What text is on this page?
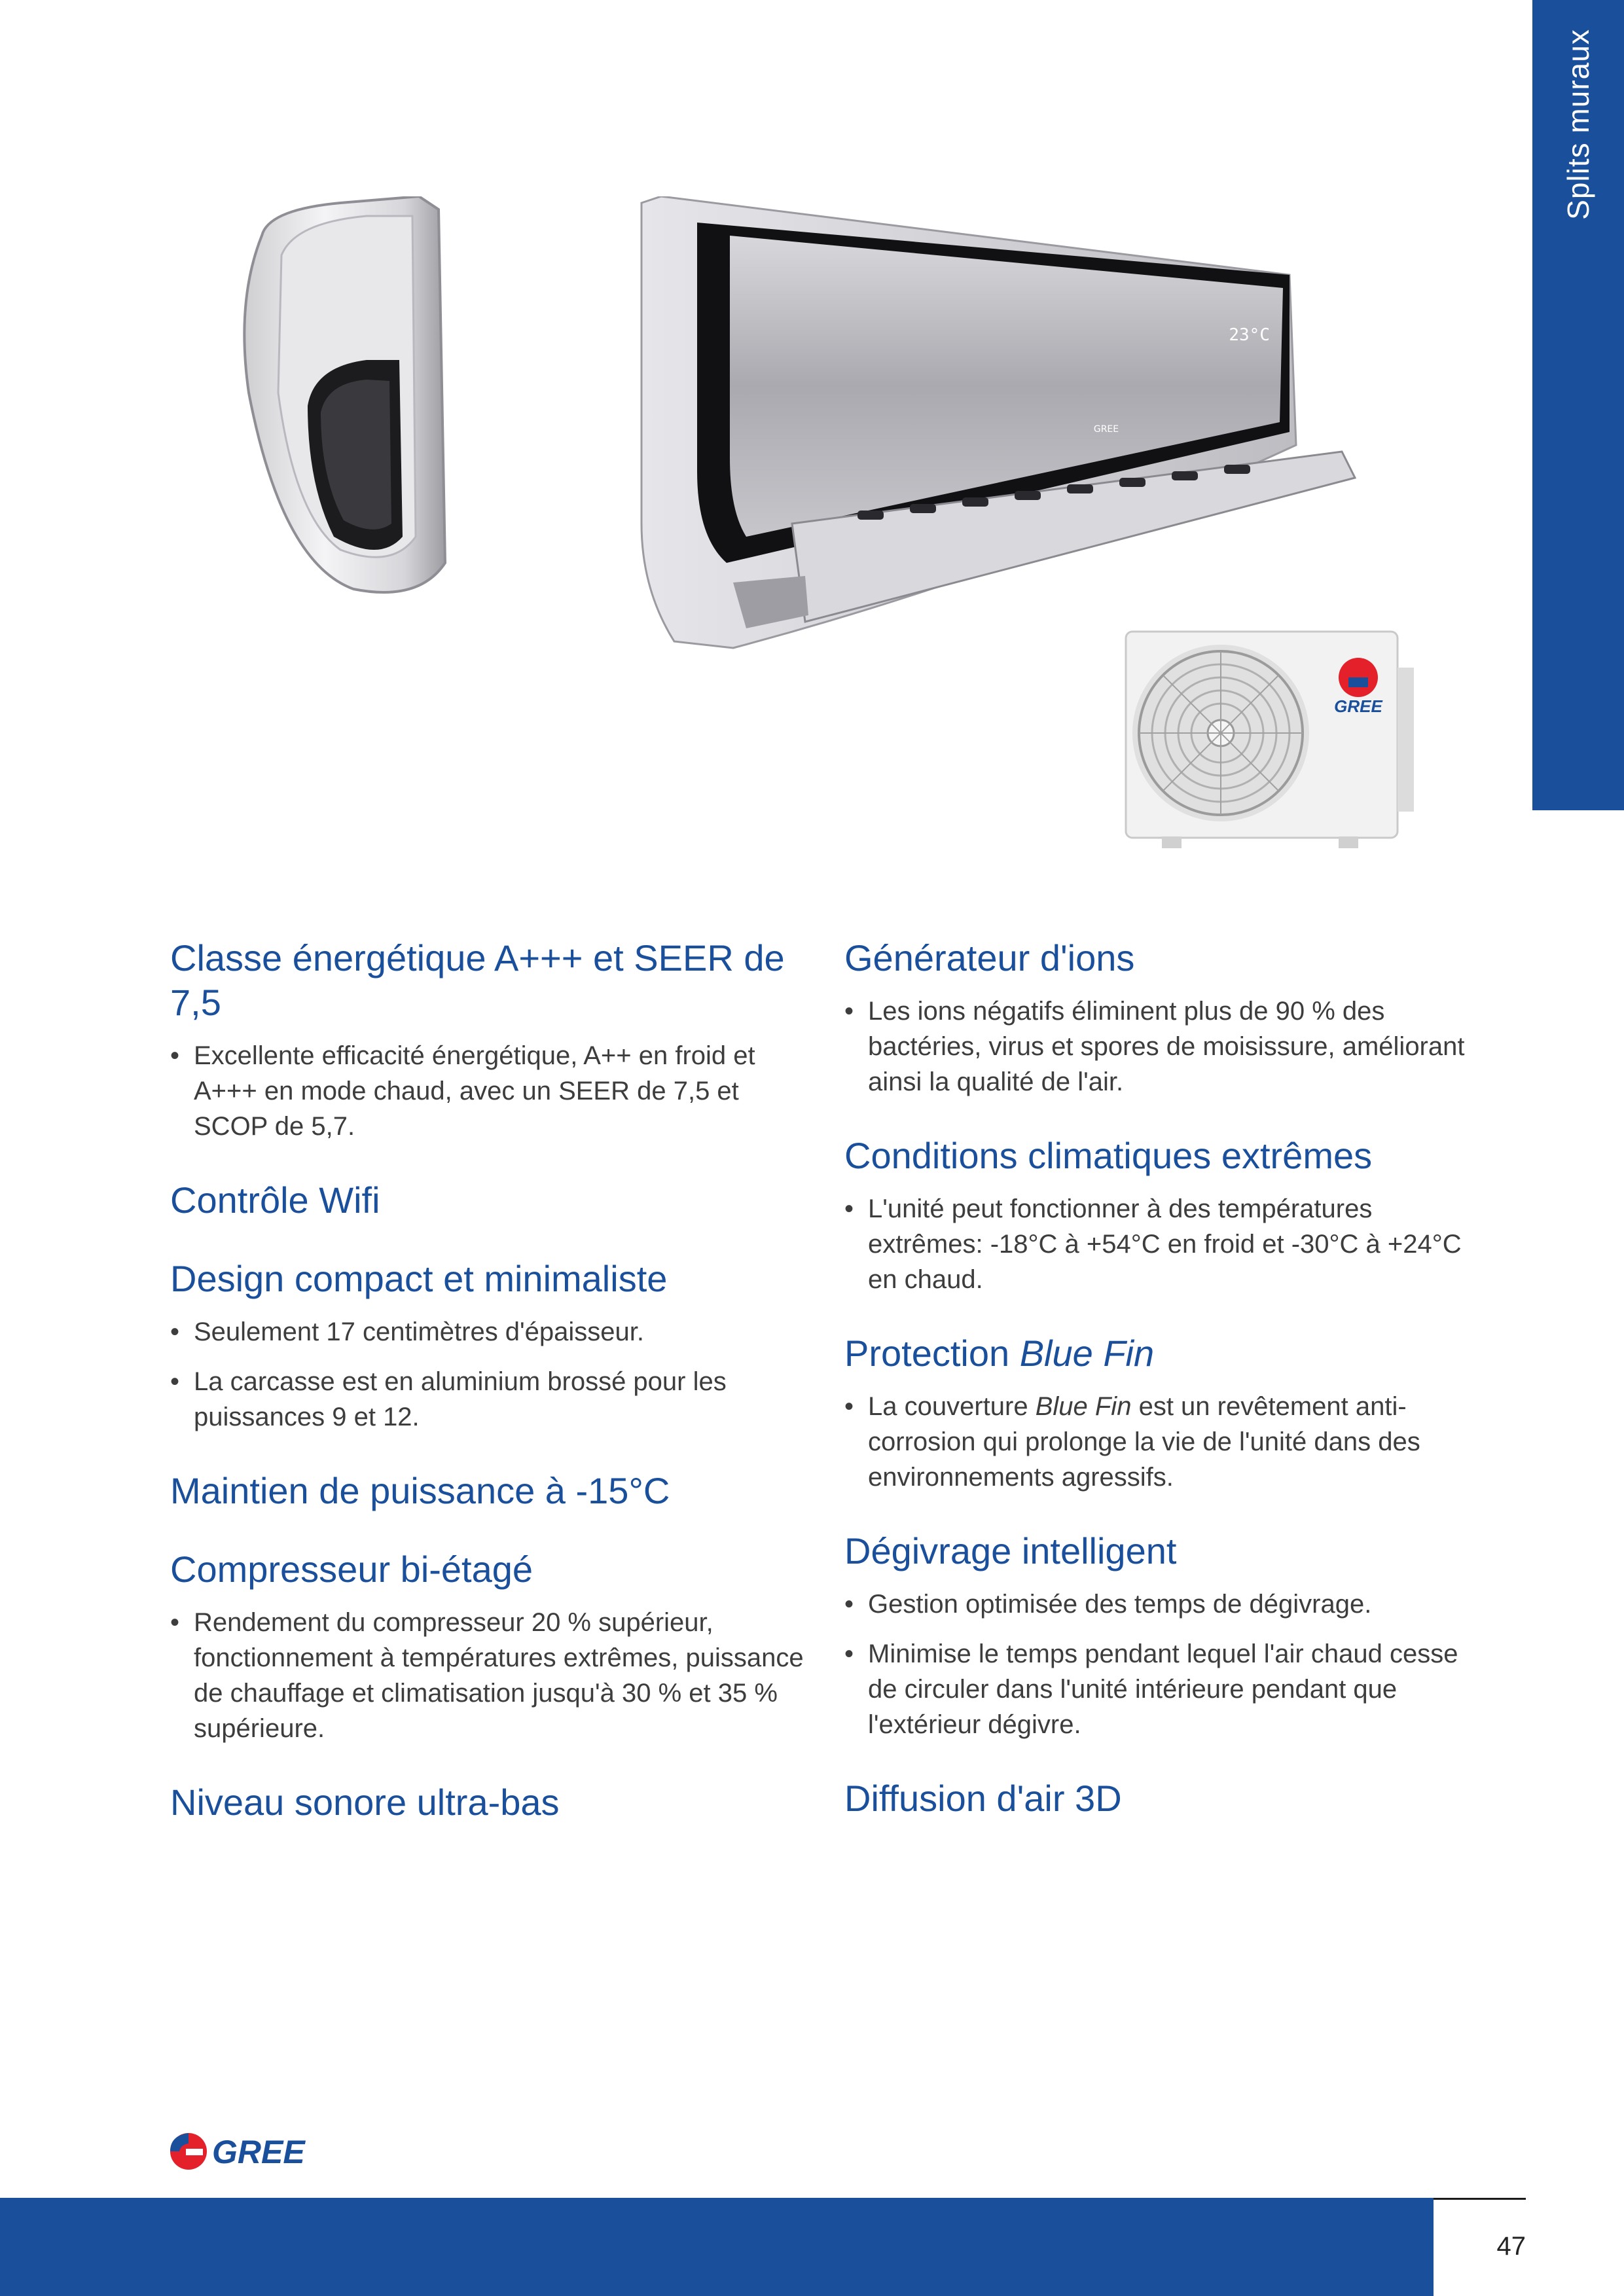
Splits muraux
23°C
GREE
GREE
Classe énergétique A+++ et SEER de 7,5
• Excellente efficacité énergétique, A++ en froid et A+++ en mode chaud, avec un SEER de 7,5 et SCOP de 5,7.
Contrôle Wifi
Design compact et minimaliste
• Seulement 17 centimètres d'épaisseur.
• La carcasse est en aluminium brossé pour les puissances 9 et 12.
Maintien de puissance à -15°C
Compresseur bi-étagé
• Rendement du compresseur 20 % supérieur, fonctionnement à températures extrêmes, puissance de chauffage et climatisation jusqu'à 30 % et 35 % supérieure.
Niveau sonore ultra-bas
Générateur d'ions
• Les ions négatifs éliminent plus de 90 % des bactéries, virus et spores de moisissure, améliorant ainsi la qualité de l'air.
Conditions climatiques extrêmes
• L'unité peut fonctionner à des températures extrêmes: -18°C à +54°C en froid et -30°C à +24°C en chaud.
Protection Blue Fin
• La couverture Blue Fin est un revêtement anti-corrosion qui prolonge la vie de l'unité dans des environnements agressifs.
Dégivrage intelligent
• Gestion optimisée des temps de dégivrage.
• Minimise le temps pendant lequel l'air chaud cesse de circuler dans l'unité intérieure pendant que l'extérieur dégivre.
Diffusion d'air 3D
GREE
47
